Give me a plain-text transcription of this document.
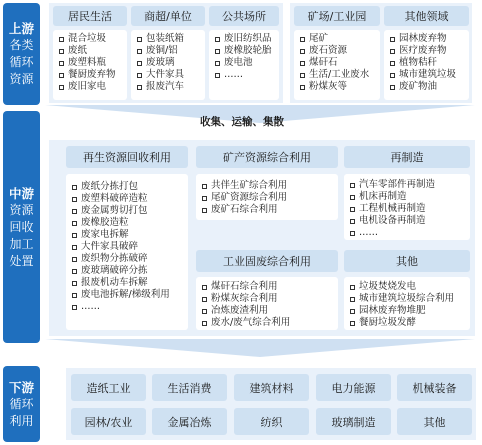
上游
各类
循环
资源
中游
资源
回收
加工
处置
下游
循环
利用
居民生活	商超/单位	公共场所	矿场/工业园	其他领域
混合垃圾
废纸
废塑料瓶
餐厨废弃物
废旧家电
包装纸箱
废铜/铝
废玻璃
大件家具
报废汽车
废旧纺织品
废橡胶轮胎
废电池
……
尾矿
废石资源
煤矸石
生活/工业废水
粉煤灰等
园林废弃物
医疗废弃物
植物秸秆
城市建筑垃圾
废矿物油
收集、运输、集散
再生资源回收利用	矿产资源综合利用	再制造
废纸分拣打包
废塑料破碎造粒
废金属剪切打包
废橡胶造粒
废家电拆解
大件家具破碎
废织物分拣破碎
废玻璃破碎分拣
报废机动车拆解
废电池拆解/梯级利用
……
共伴生矿综合利用
尾矿资源综合利用
废矿石综合利用
汽车零部件再制造
机床再制造
工程机械再制造
电机设备再制造
……
工业固废综合利用	其他
煤矸石综合利用
粉煤灰综合利用
冶炼废渣利用
废水/废气综合利用
垃圾焚烧发电
城市建筑垃圾综合利用
园林废弃物堆肥
餐厨垃圾发酵
造纸工业	生活消费	建筑材料	电力能源	机械装备
园林/农业	金属冶炼	纺织	玻璃制造	其他
